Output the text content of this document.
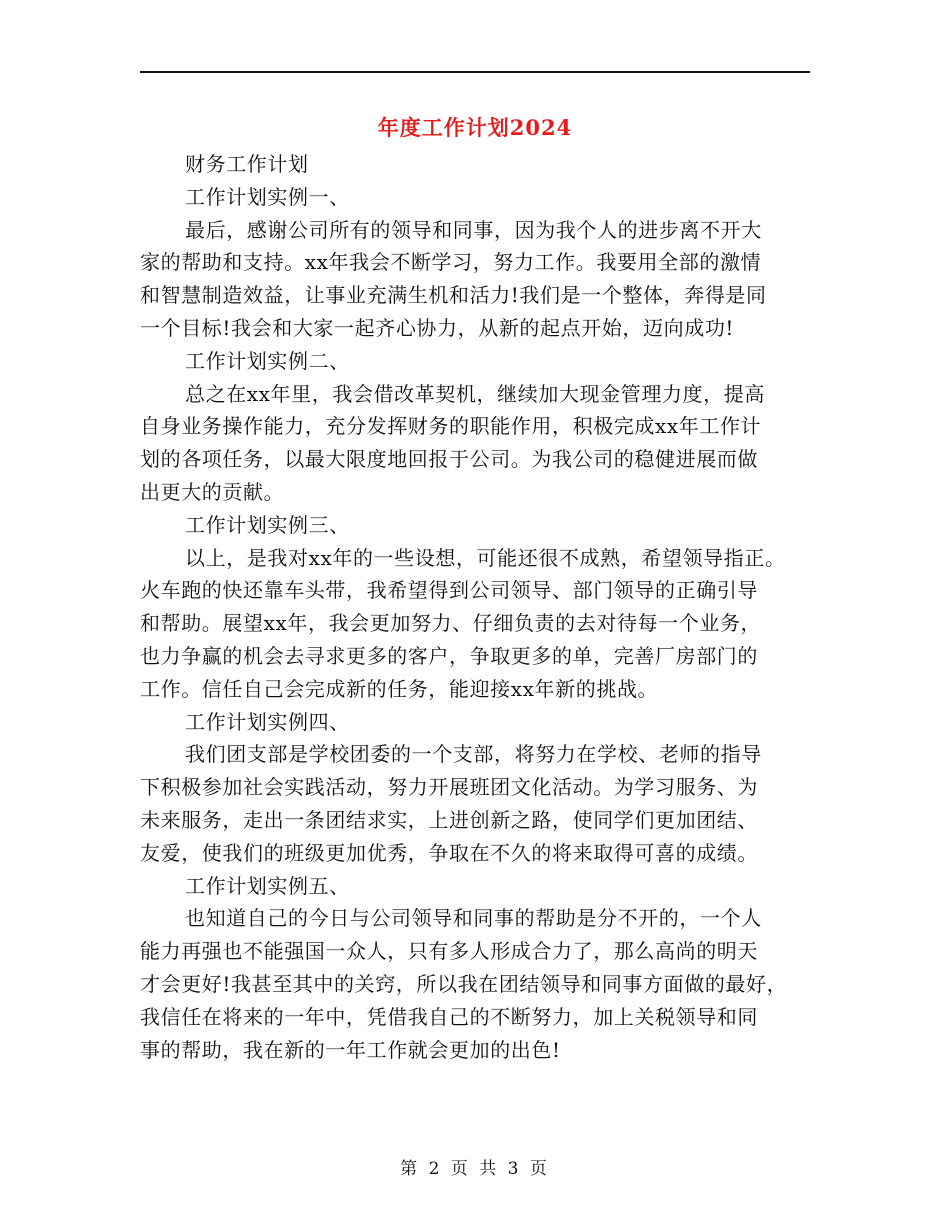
年度工作计划2024
财务工作计划
工作计划实例一、
最后，感谢公司所有的领导和同事，因为我个人的进步离不开大
家的帮助和支持。xx年我会不断学习，努力工作。我要用全部的激情
和智慧制造效益，让事业充满生机和活力!我们是一个整体，奔得是同
一个目标!我会和大家一起齐心协力，从新的起点开始，迈向成功!
工作计划实例二、
总之在xx年里，我会借改革契机，继续加大现金管理力度，提高
自身业务操作能力，充分发挥财务的职能作用，积极完成xx年工作计
划的各项任务，以最大限度地回报于公司。为我公司的稳健进展而做
出更大的贡献。
工作计划实例三、
以上，是我对xx年的一些设想，可能还很不成熟，希望领导指正。
火车跑的快还靠车头带，我希望得到公司领导、部门领导的正确引导
和帮助。展望xx年，我会更加努力、仔细负责的去对待每一个业务，
也力争赢的机会去寻求更多的客户，争取更多的单，完善厂房部门的
工作。信任自己会完成新的任务，能迎接xx年新的挑战。
工作计划实例四、
我们团支部是学校团委的一个支部，将努力在学校、老师的指导
下积极参加社会实践活动，努力开展班团文化活动。为学习服务、为
未来服务，走出一条团结求实，上进创新之路，使同学们更加团结、
友爱，使我们的班级更加优秀，争取在不久的将来取得可喜的成绩。
工作计划实例五、
也知道自己的今日与公司领导和同事的帮助是分不开的，一个人
能力再强也不能强国一众人，只有多人形成合力了，那么高尚的明天
才会更好!我甚至其中的关窍，所以我在团结领导和同事方面做的最好，
我信任在将来的一年中，凭借我自己的不断努力，加上关税领导和同
事的帮助，我在新的一年工作就会更加的出色!
第 2 页 共 3 页
